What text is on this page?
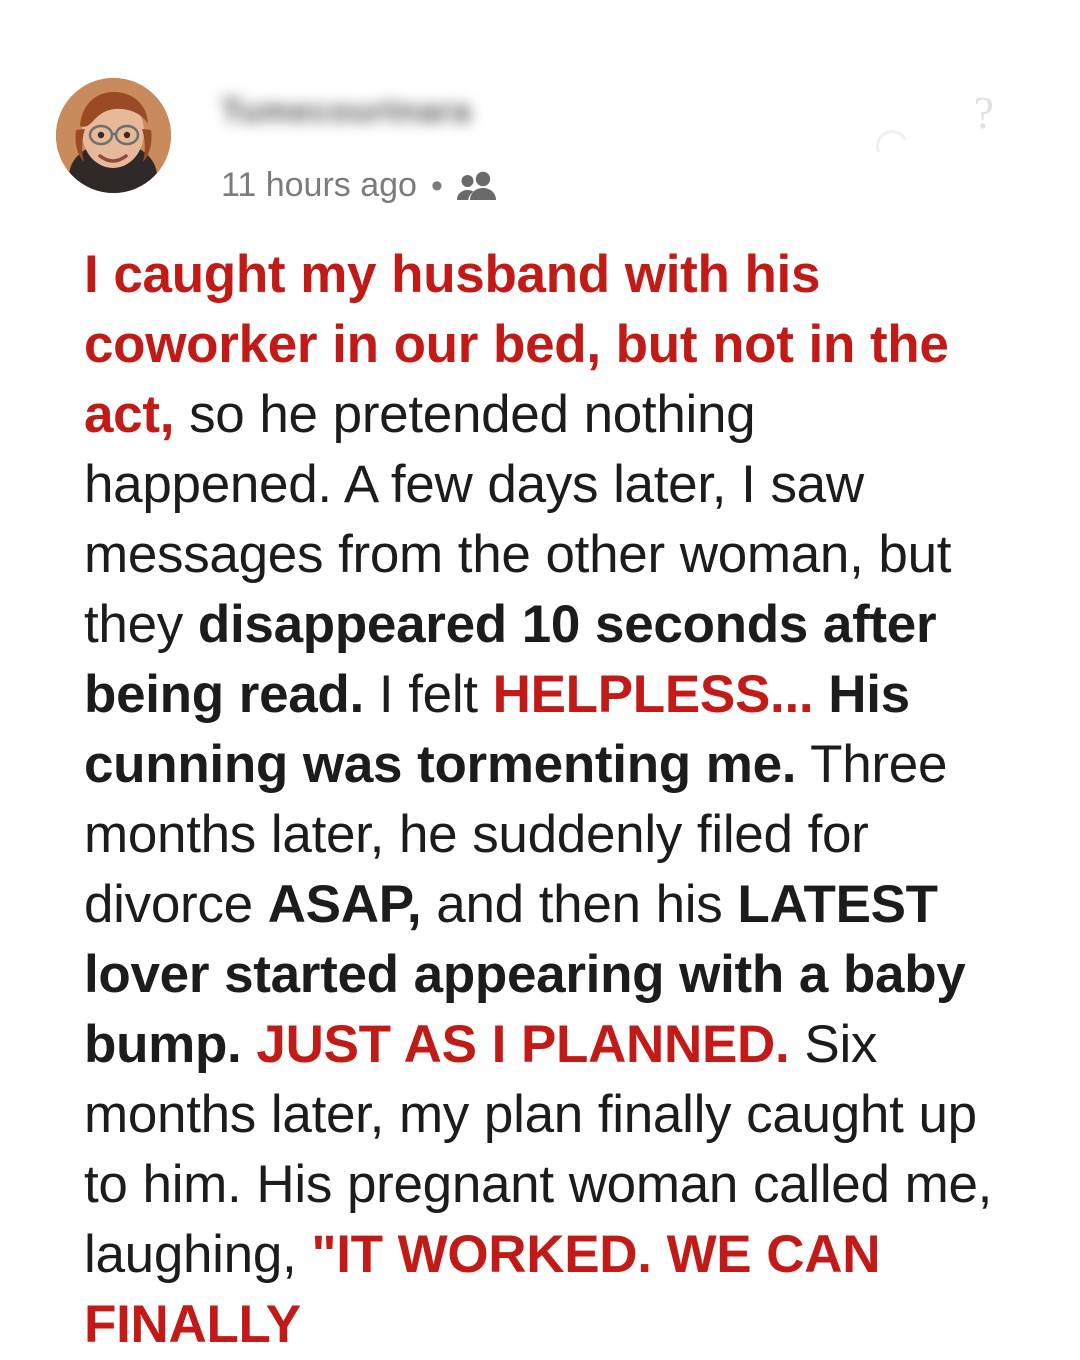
Tumecourtnara
11 hours ago •
?
I caught my husband with his coworker in our bed, but not in the act, so he pretended nothing happened. A few days later, I saw messages from the other woman, but they disappeared 10 seconds after being read. I felt HELPLESS... His cunning was tormenting me. Three months later, he suddenly filed for divorce ASAP, and then his LATEST lover started appearing with a baby bump. JUST AS I PLANNED. Six months later, my plan finally caught up to him. His pregnant woman called me, laughing, "IT WORKED. WE CAN FINALLY
